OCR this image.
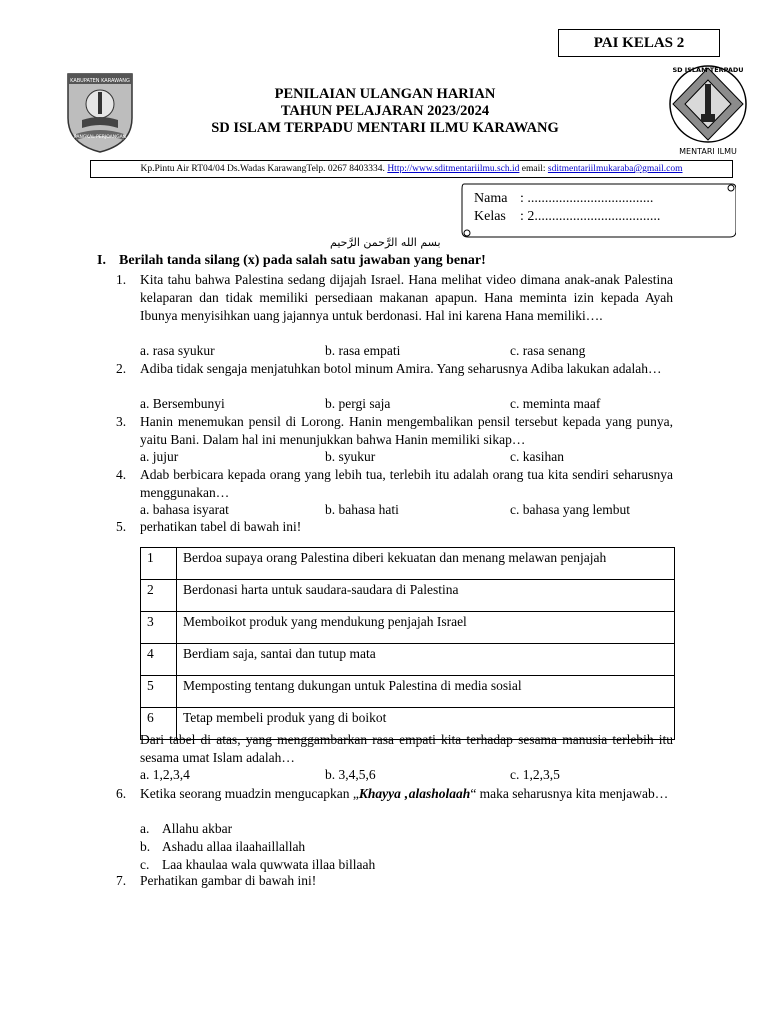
PAI KELAS 2
KABUPATEN KARAWANG
PANGKAL PERJOANGAN
PENILAIAN ULANGAN HARIAN
TAHUN PELAJARAN 2023/2024
SD ISLAM TERPADU MENTARI ILMU KARAWANG
SD ISLAM TERPADU
MENTARI ILMU
Kp.Pintu Air RT04/04 Ds.Wadas KarawangTelp. 0267 8403334. Http://www.sditmentariilmu.sch.id email: sditmentariilmukaraba@gmail.com
Nama : ....................................
Kelas	: 2....................................
بسم الله الرَّحمن الرَّحيم
I. Berilah tanda silang (x) pada salah satu jawaban yang benar!
1.	Kita tahu bahwa Palestina sedang dijajah Israel. Hana melihat video dimana anak-anak Palestina kelaparan dan tidak memiliki persediaan makanan apapun. Hana meminta izin kepada Ayah Ibunya menyisihkan uang jajannya untuk berdonasi. Hal ini karena Hana memiliki….
a. rasa syukur	b. rasa empati	c. rasa senang
2.	Adiba tidak sengaja menjatuhkan botol minum Amira. Yang seharusnya Adiba lakukan adalah…
a. Bersembunyi	b. pergi saja	c. meminta maaf
3.	Hanin menemukan pensil di Lorong. Hanin mengembalikan pensil tersebut kepada yang punya, yaitu Bani. Dalam hal ini menunjukkan bahwa Hanin memiliki sikap…
a. jujur	b. syukur	c. kasihan
4.	Adab berbicara kepada orang yang lebih tua, terlebih itu adalah orang tua kita sendiri seharusnya menggunakan…
a. bahasa isyarat	b. bahasa hati	c. bahasa yang lembut
5.	perhatikan tabel di bawah ini!
1	Berdoa supaya orang Palestina diberi kekuatan dan menang melawan penjajah
2	Berdonasi harta untuk saudara-saudara di Palestina
3	Memboikot produk yang mendukung penjajah Israel
4	Berdiam saja, santai dan tutup mata
5	Memposting tentang dukungan untuk Palestina di media sosial
6	Tetap membeli produk yang di boikot
Dari tabel di atas, yang menggambarkan rasa empati kita terhadap sesama manusia terlebih itu sesama umat Islam adalah…
a. 1,2,3,4	b. 3,4,5,6	c. 1,2,3,5
6.	Ketika seorang muadzin mengucapkan „Khayya ‚alasholaah“ maka seharusnya kita menjawab…
a. Allahu akbar
b. Ashadu allaa ilaahaillallah
c. Laa khaulaa wala quwwata illaa billaah
7.	Perhatikan gambar di bawah ini!
